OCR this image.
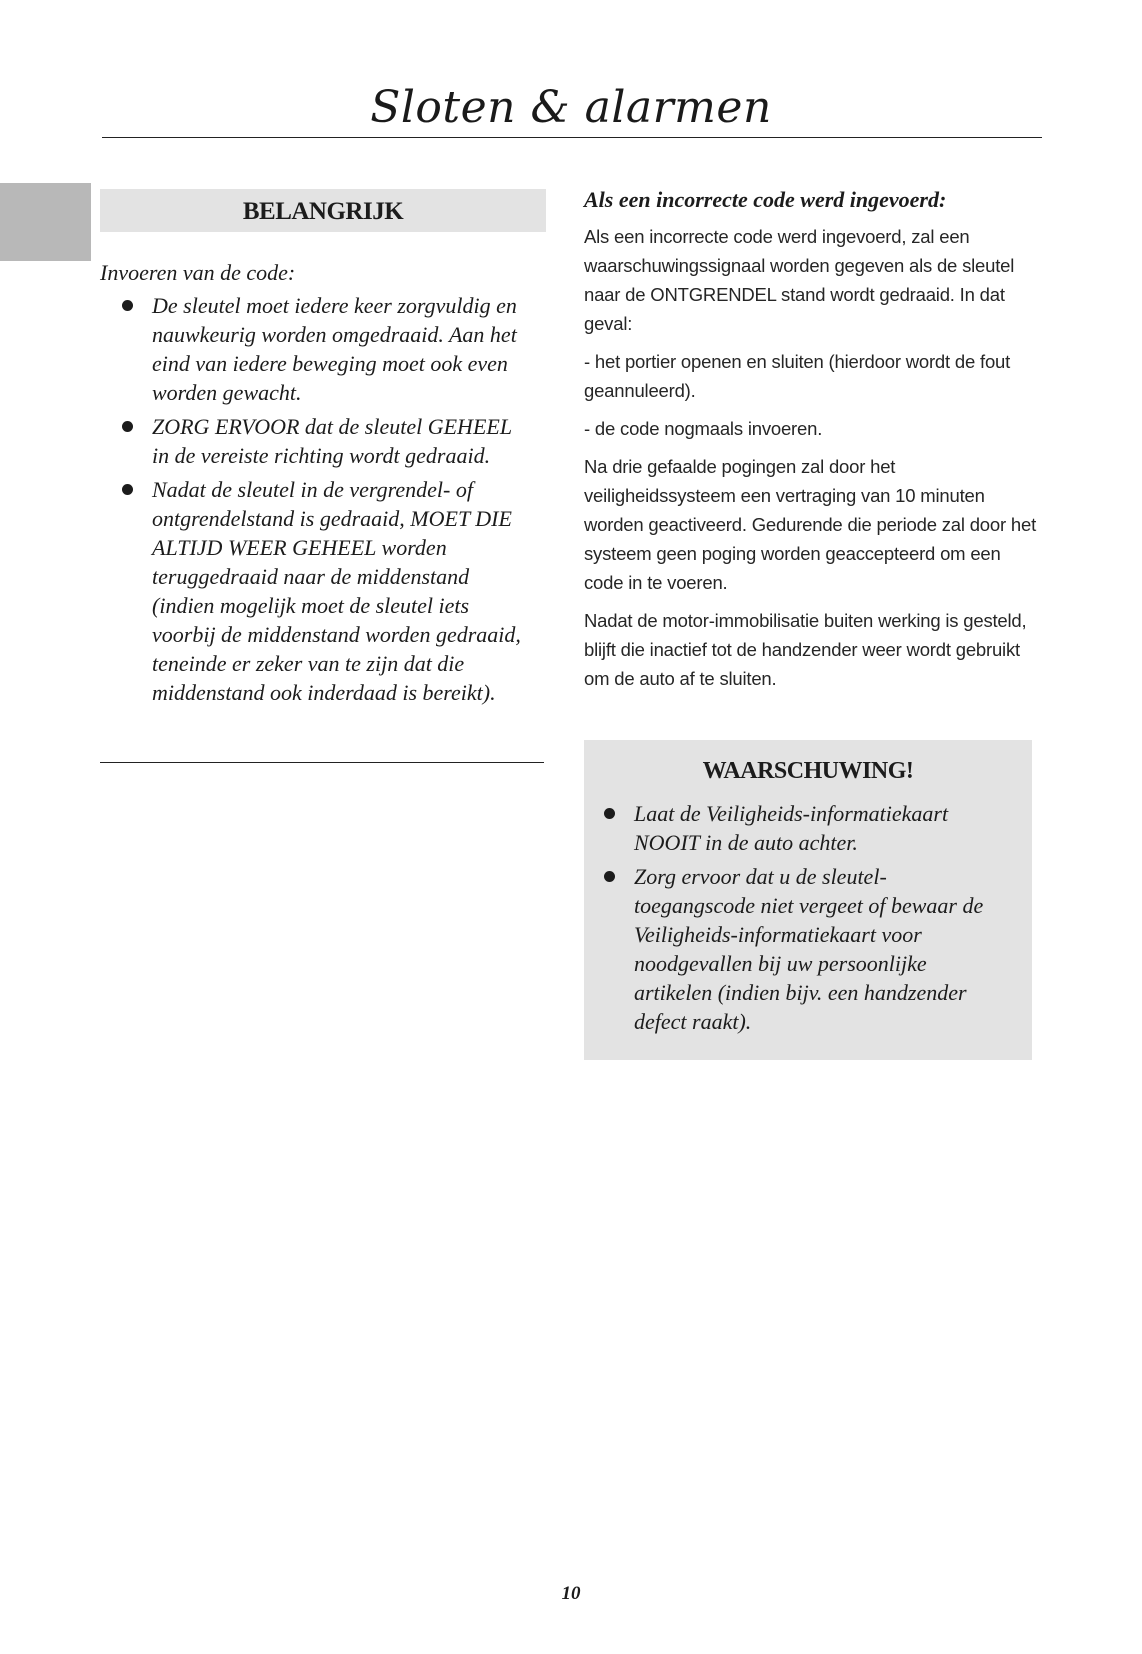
Sloten & alarmen
BELANGRIJK
Invoeren van de code:
De sleutel moet iedere keer zorgvuldig en nauwkeurig worden omgedraaid. Aan het eind van iedere beweging moet ook even worden gewacht.
ZORG ERVOOR dat de sleutel GEHEEL in de vereiste richting wordt gedraaid.
Nadat de sleutel in de vergrendel- of ontgrendelstand is gedraaid, MOET DIE ALTIJD WEER GEHEEL worden teruggedraaid naar de middenstand (indien mogelijk moet de sleutel iets voorbij de middenstand worden gedraaid, teneinde er zeker van te zijn dat die middenstand ook inderdaad is bereikt).
Als een incorrecte code werd ingevoerd:

Als een incorrecte code werd ingevoerd, zal een waarschuwingssignaal worden gegeven als de sleutel naar de ONTGRENDEL stand wordt gedraaid. In dat geval:

- het portier openen en sluiten (hierdoor wordt de fout geannuleerd).

- de code nogmaals invoeren.

Na drie gefaalde pogingen zal door het veiligheidssysteem een vertraging van 10 minuten worden geactiveerd. Gedurende die periode zal door het systeem geen poging worden geaccepteerd om een code in te voeren.

Nadat de motor-immobilisatie buiten werking is gesteld, blijft die inactief tot de handzender weer wordt gebruikt om de auto af te sluiten.

WAARSCHUWING!
Laat de Veiligheids-informatiekaart NOOIT in de auto achter.
Zorg ervoor dat u de sleutel-toegangscode niet vergeet of bewaar de Veiligheids-informatiekaart voor noodgevallen bij uw persoonlijke artikelen (indien bijv. een handzender defect raakt).
10
